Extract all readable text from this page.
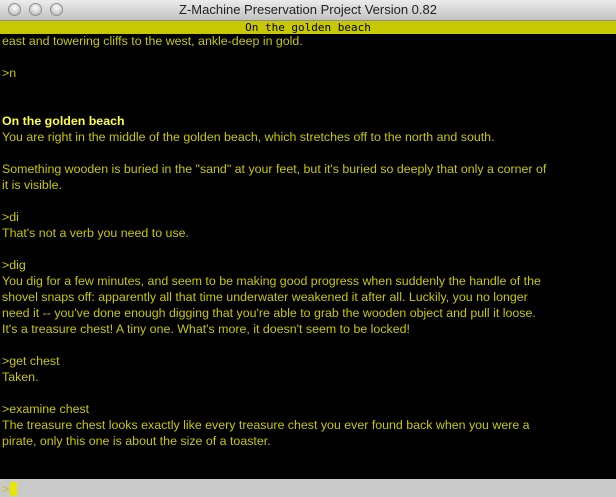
Z-Machine Preservation Project Version 0.82
On the golden beach
east and towering cliffs to the west, ankle-deep in gold.
>n
On the golden beach
You are right in the middle of the golden beach, which stretches off to the north and south.
Something wooden is buried in the "sand" at your feet, but it's buried so deeply that only a corner of
it is visible.
>di
That's not a verb you need to use.
>dig
You dig for a few minutes, and seem to be making good progress when suddenly the handle of the
shovel snaps off: apparently all that time underwater weakened it after all. Luckily, you no longer
need it -- you've done enough digging that you're able to grab the wooden object and pull it loose.
It's a treasure chest! A tiny one. What's more, it doesn't seem to be locked!
>get chest
Taken.
>examine chest
The treasure chest looks exactly like every treasure chest you ever found back when you were a
pirate, only this one is about the size of a toaster.
>
